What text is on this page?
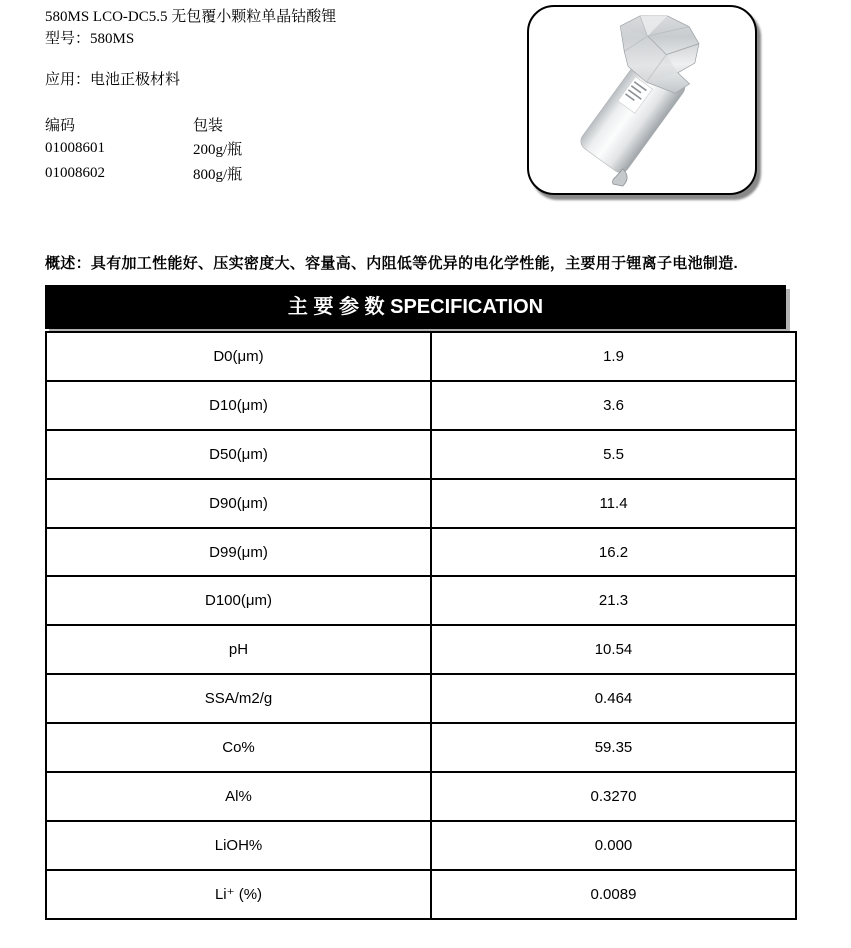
580MS LCO-DC5.5 无包覆小颗粒单晶钴酸锂
型号：580MS
应用：电池正极材料
编码	包装
01008601	200g/瓶
01008602	800g/瓶
概述：具有加工性能好、压实密度大、容量高、内阻低等优异的电化学性能，主要用于锂离子电池制造.
主 要 参 数 SPECIFICATION
D0(μm)	1.9
D10(μm)	3.6
D50(μm)	5.5
D90(μm)	11.4
D99(μm)	16.2
D100(μm)	21.3
pH	10.54
SSA/m2/g	0.464
Co%	59.35
Al%	0.3270
LiOH%	0.000
Li⁺ (%)	0.0089
